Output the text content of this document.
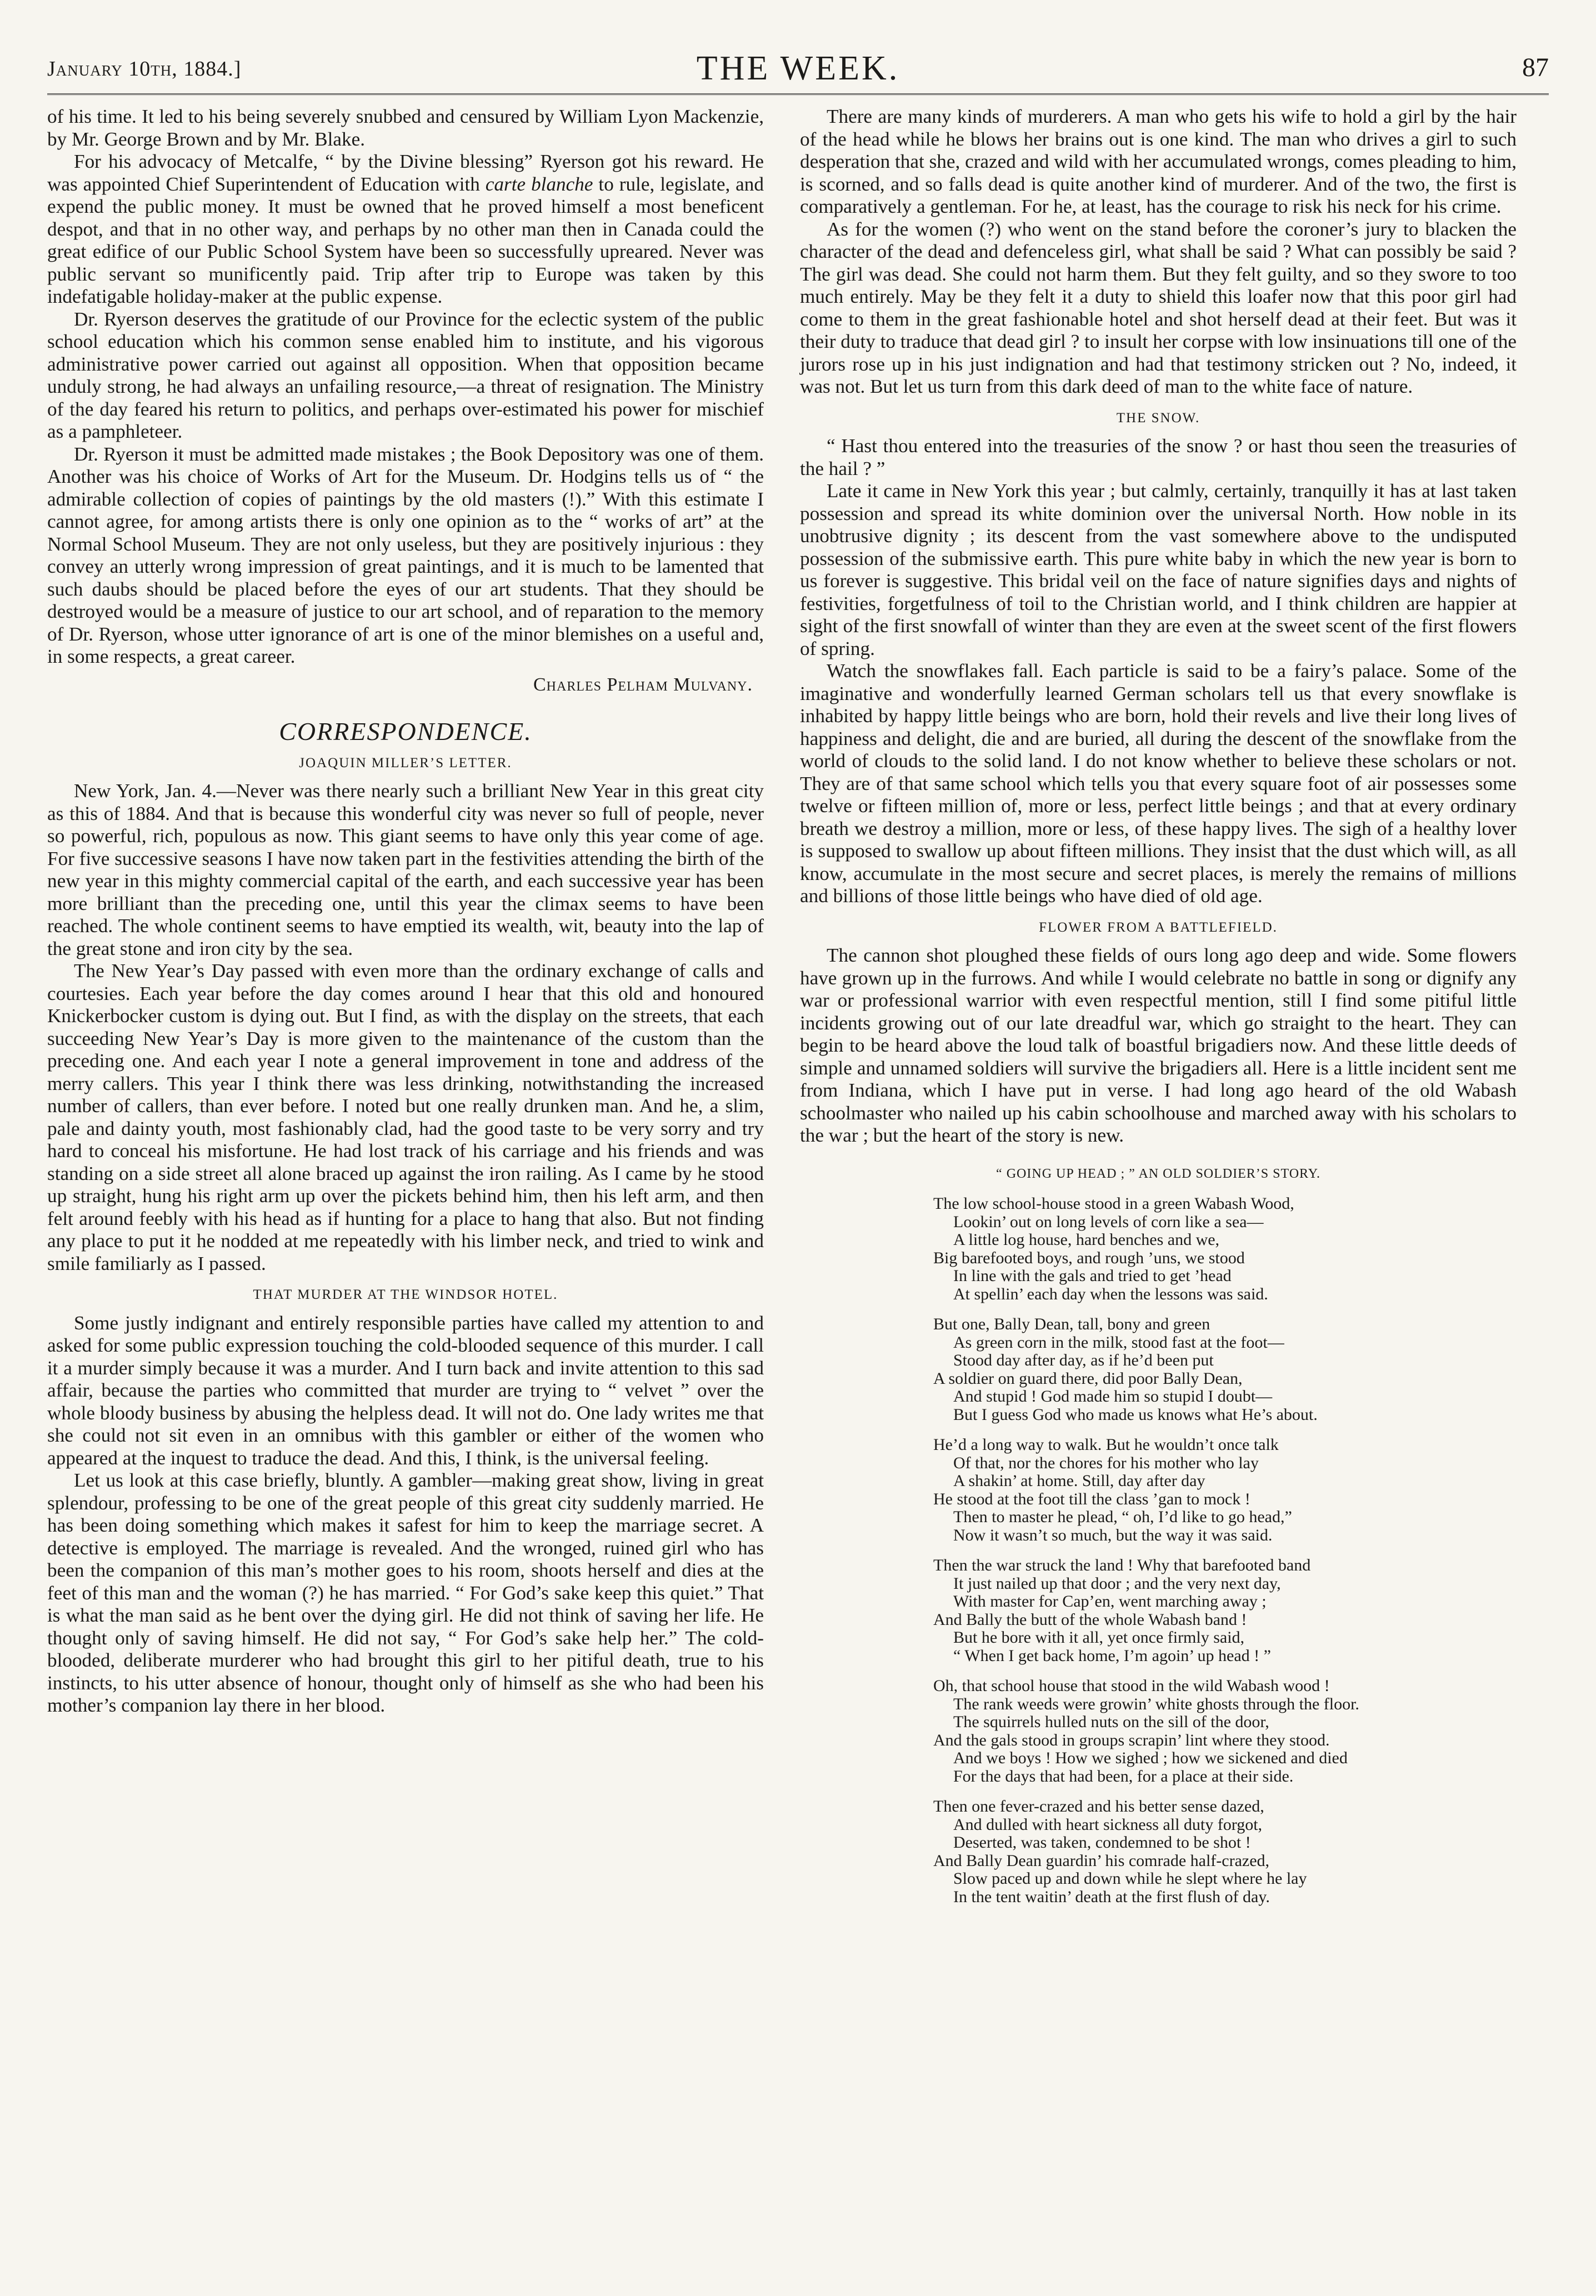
January 10th, 1884.]	THE WEEK.	87

of his time. It led to his being severely snubbed and censured by William Lyon Mackenzie, by Mr. George Brown and by Mr. Blake.

For his advocacy of Metcalfe, “ by the Divine blessing” Ryerson got his reward. He was appointed Chief Superintendent of Education with carte blanche to rule, legislate, and expend the public money. It must be owned that he proved himself a most beneficent despot, and that in no other way, and perhaps by no other man then in Canada could the great edifice of our Public School System have been so successfully upreared. Never was public servant so munificently paid. Trip after trip to Europe was taken by this indefatigable holiday-maker at the public expense.

Dr. Ryerson deserves the gratitude of our Province for the eclectic system of the public school education which his common sense enabled him to institute, and his vigorous administrative power carried out against all opposition. When that opposition became unduly strong, he had always an unfailing resource,—a threat of resignation. The Ministry of the day feared his return to politics, and perhaps over-estimated his power for mischief as a pamphleteer.

Dr. Ryerson it must be admitted made mistakes ; the Book Depository was one of them. Another was his choice of Works of Art for the Museum. Dr. Hodgins tells us of “ the admirable collection of copies of paintings by the old masters (!).” With this estimate I cannot agree, for among artists there is only one opinion as to the “ works of art” at the Normal School Museum. They are not only useless, but they are positively injurious : they convey an utterly wrong impression of great paintings, and it is much to be lamented that such daubs should be placed before the eyes of our art students. That they should be destroyed would be a measure of justice to our art school, and of reparation to the memory of Dr. Ryerson, whose utter ignorance of art is one of the minor blemishes on a useful and, in some respects, a great career.

Charles Pelham Mulvany.
CORRESPONDENCE.
JOAQUIN MILLER’S LETTER.

New York, Jan. 4.—Never was there nearly such a brilliant New Year in this great city as this of 1884. And that is because this wonderful city was never so full of people, never so powerful, rich, populous as now. This giant seems to have only this year come of age. For five successive seasons I have now taken part in the festivities attending the birth of the new year in this mighty commercial capital of the earth, and each successive year has been more brilliant than the preceding one, until this year the climax seems to have been reached. The whole continent seems to have emptied its wealth, wit, beauty into the lap of the great stone and iron city by the sea.

The New Year’s Day passed with even more than the ordinary exchange of calls and courtesies. Each year before the day comes around I hear that this old and honoured Knickerbocker custom is dying out. But I find, as with the display on the streets, that each succeeding New Year’s Day is more given to the maintenance of the custom than the preceding one. And each year I note a general improvement in tone and address of the merry callers. This year I think there was less drinking, notwithstanding the increased number of callers, than ever before. I noted but one really drunken man. And he, a slim, pale and dainty youth, most fashionably clad, had the good taste to be very sorry and try hard to conceal his misfortune. He had lost track of his carriage and his friends and was standing on a side street all alone braced up against the iron railing. As I came by he stood up straight, hung his right arm up over the pickets behind him, then his left arm, and then felt around feebly with his head as if hunting for a place to hang that also. But not finding any place to put it he nodded at me repeatedly with his limber neck, and tried to wink and smile familiarly as I passed.

THAT MURDER AT THE WINDSOR HOTEL.

Some justly indignant and entirely responsible parties have called my attention to and asked for some public expression touching the cold-blooded sequence of this murder. I call it a murder simply because it was a murder. And I turn back and invite attention to this sad affair, because the parties who committed that murder are trying to “ velvet ” over the whole bloody business by abusing the helpless dead. It will not do. One lady writes me that she could not sit even in an omnibus with this gambler or either of the women who appeared at the inquest to traduce the dead. And this, I think, is the universal feeling.

Let us look at this case briefly, bluntly. A gambler—making great show, living in great splendour, professing to be one of the great people of this great city suddenly married. He has been doing something which makes it safest for him to keep the marriage secret. A detective is employed. The marriage is revealed. And the wronged, ruined girl who has been the companion of this man’s mother goes to his room, shoots herself and dies at the feet of this man and the woman (?) he has married. “ For God’s sake keep this quiet.” That is what the man said as he bent over the dying girl. He did not think of saving her life. He thought only of saving himself. He did not say, “ For God’s sake help her.” The cold-blooded, deliberate murderer who had brought this girl to her pitiful death, true to his instincts, to his utter absence of honour, thought only of himself as she who had been his mother’s companion lay there in her blood.

There are many kinds of murderers. A man who gets his wife to hold a girl by the hair of the head while he blows her brains out is one kind. The man who drives a girl to such desperation that she, crazed and wild with her accumulated wrongs, comes pleading to him, is scorned, and so falls dead is quite another kind of murderer. And of the two, the first is comparatively a gentleman. For he, at least, has the courage to risk his neck for his crime.

As for the women (?) who went on the stand before the coroner’s jury to blacken the character of the dead and defenceless girl, what shall be said ? What can possibly be said ? The girl was dead. She could not harm them. But they felt guilty, and so they swore to too much entirely. May be they felt it a duty to shield this loafer now that this poor girl had come to them in the great fashionable hotel and shot herself dead at their feet. But was it their duty to traduce that dead girl ? to insult her corpse with low insinuations till one of the jurors rose up in his just indignation and had that testimony stricken out ? No, indeed, it was not. But let us turn from this dark deed of man to the white face of nature.

THE SNOW.

“ Hast thou entered into the treasuries of the snow ? or hast thou seen the treasuries of the hail ? ”

Late it came in New York this year ; but calmly, certainly, tranquilly it has at last taken possession and spread its white dominion over the universal North. How noble in its unobtrusive dignity ; its descent from the vast somewhere above to the undisputed possession of the submissive earth. This pure white baby in which the new year is born to us forever is suggestive. This bridal veil on the face of nature signifies days and nights of festivities, forgetfulness of toil to the Christian world, and I think children are happier at sight of the first snowfall of winter than they are even at the sweet scent of the first flowers of spring.

Watch the snowflakes fall. Each particle is said to be a fairy’s palace. Some of the imaginative and wonderfully learned German scholars tell us that every snowflake is inhabited by happy little beings who are born, hold their revels and live their long lives of happiness and delight, die and are buried, all during the descent of the snowflake from the world of clouds to the solid land. I do not know whether to believe these scholars or not. They are of that same school which tells you that every square foot of air possesses some twelve or fifteen million of, more or less, perfect little beings ; and that at every ordinary breath we destroy a million, more or less, of these happy lives. The sigh of a healthy lover is supposed to swallow up about fifteen millions. They insist that the dust which will, as all know, accumulate in the most secure and secret places, is merely the remains of millions and billions of those little beings who have died of old age.

FLOWER FROM A BATTLEFIELD.

The cannon shot ploughed these fields of ours long ago deep and wide. Some flowers have grown up in the furrows. And while I would celebrate no battle in song or dignify any war or professional warrior with even respectful mention, still I find some pitiful little incidents growing out of our late dreadful war, which go straight to the heart. They can begin to be heard above the loud talk of boastful brigadiers now. And these little deeds of simple and unnamed soldiers will survive the brigadiers all. Here is a little incident sent me from Indiana, which I have put in verse. I had long ago heard of the old Wabash schoolmaster who nailed up his cabin schoolhouse and marched away with his scholars to the war ; but the heart of the story is new.

“ GOING UP HEAD ; ” AN OLD SOLDIER’S STORY.
The low school-house stood in a green Wabash Wood,
Lookin’ out on long levels of corn like a sea—
A little log house, hard benches and we,
Big barefooted boys, and rough ’uns, we stood
In line with the gals and tried to get ’head
At spellin’ each day when the lessons was said.
But one, Bally Dean, tall, bony and green
As green corn in the milk, stood fast at the foot—
Stood day after day, as if he’d been put
A soldier on guard there, did poor Bally Dean,
And stupid ! God made him so stupid I doubt—
But I guess God who made us knows what He’s about.
He’d a long way to walk. But he wouldn’t once talk
Of that, nor the chores for his mother who lay
A shakin’ at home. Still, day after day
He stood at the foot till the class ’gan to mock !
Then to master he plead, “ oh, I’d like to go head,”
Now it wasn’t so much, but the way it was said.
Then the war struck the land ! Why that barefooted band
It just nailed up that door ; and the very next day,
With master for Cap’en, went marching away ;
And Bally the butt of the whole Wabash band !
But he bore with it all, yet once firmly said,
“ When I get back home, I’m agoin’ up head ! ”
Oh, that school house that stood in the wild Wabash wood !
The rank weeds were growin’ white ghosts through the floor.
The squirrels hulled nuts on the sill of the door,
And the gals stood in groups scrapin’ lint where they stood.
And we boys ! How we sighed ; how we sickened and died
For the days that had been, for a place at their side.
Then one fever-crazed and his better sense dazed,
And dulled with heart sickness all duty forgot,
Deserted, was taken, condemned to be shot !
And Bally Dean guardin’ his comrade half-crazed,
Slow paced up and down while he slept where he lay
In the tent waitin’ death at the first flush of day.
